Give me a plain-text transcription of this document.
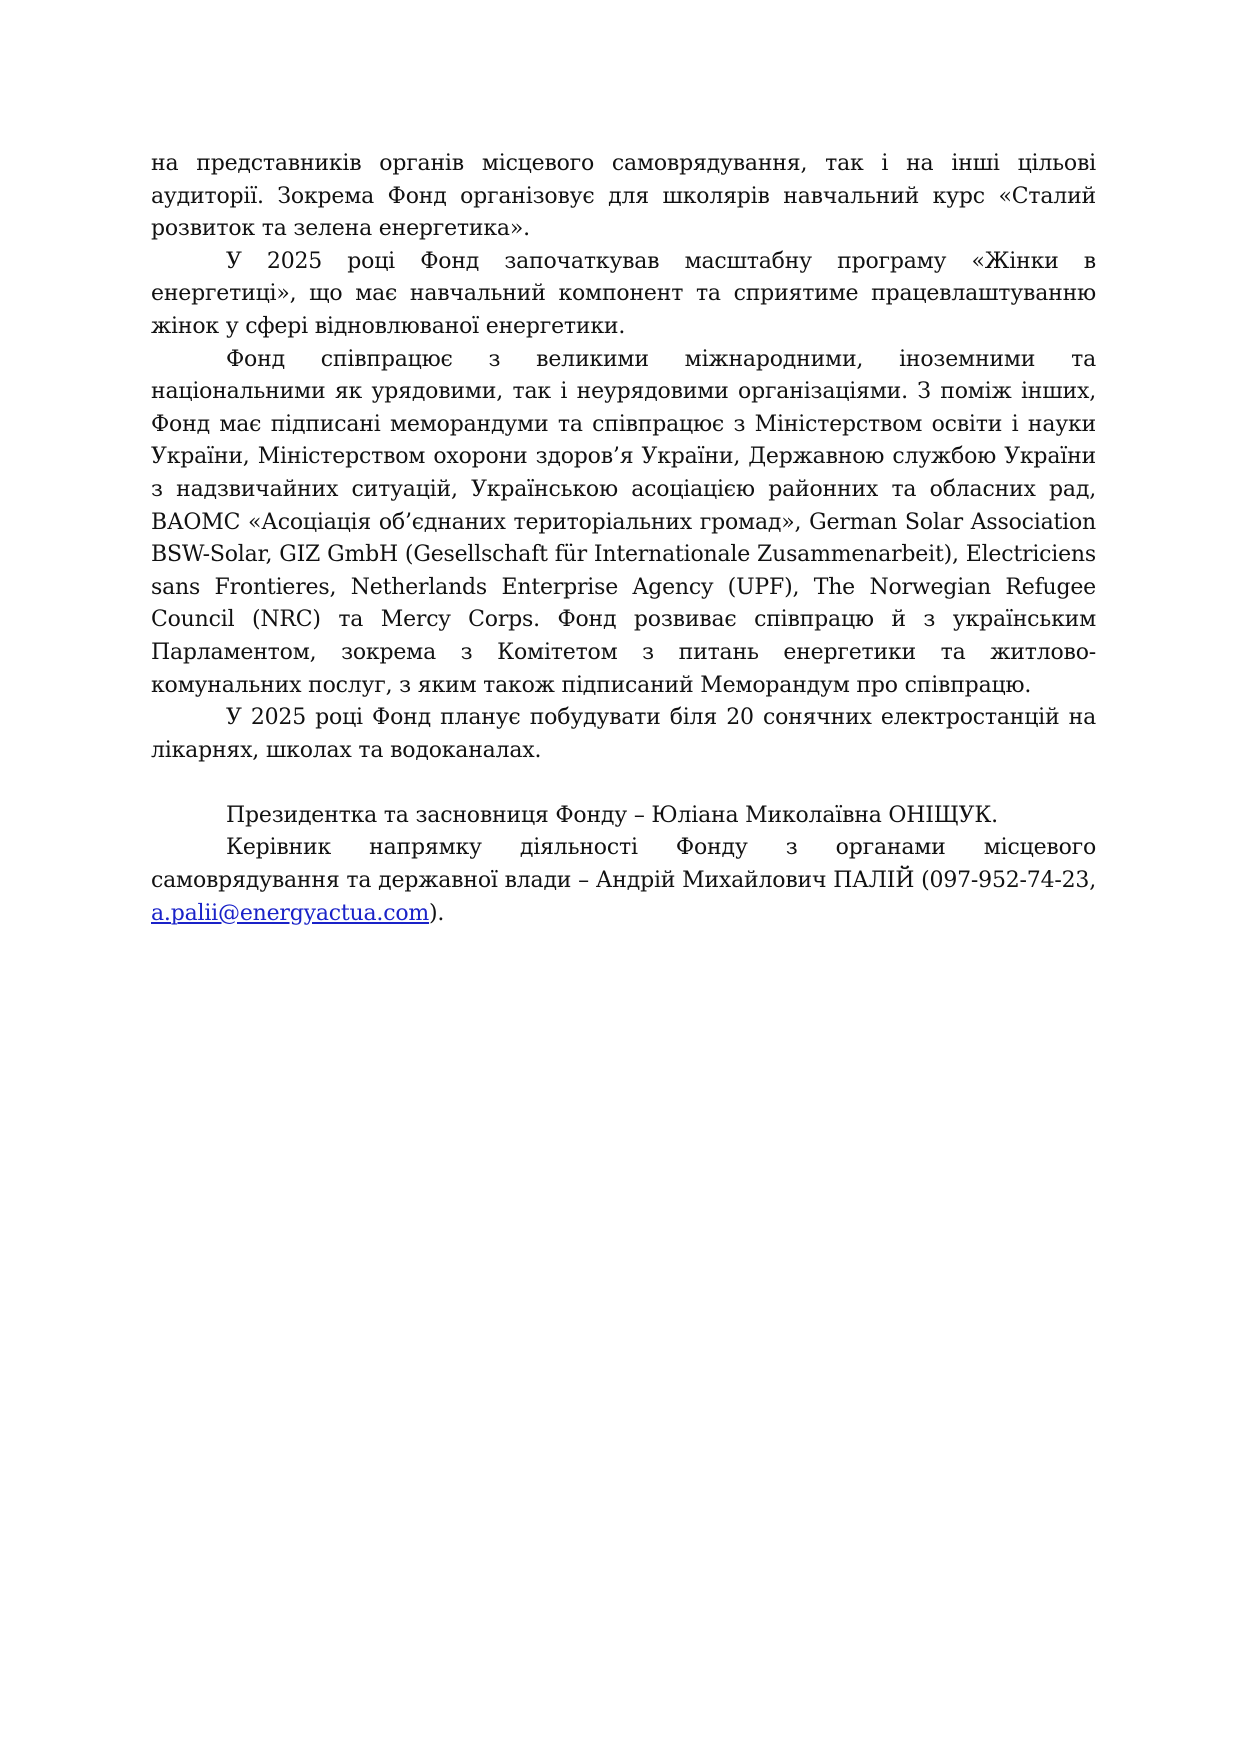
на представників органів місцевого самоврядування, так і на інші цільові аудиторії. Зокрема Фонд організовує для школярів навчальний курс «Сталий розвиток та зелена енергетика».

У 2025 році Фонд започаткував масштабну програму «Жінки в енергетиці», що має навчальний компонент та сприятиме працевлаштуванню жінок у сфері відновлюваної енергетики.

Фонд співпрацює з великими міжнародними, іноземними та національними як урядовими, так і неурядовими організаціями. З поміж інших, Фонд має підписані меморандуми та співпрацює з Міністерством освіти і науки України, Міністерством охорони здоров’я України, Державною службою України з надзвичайних ситуацій, Українською асоціацією районних та обласних рад, ВАОМС «Асоціація об’єднаних територіальних громад», German Solar Association BSW-Solar, GIZ GmbH (Gesellschaft für Internationale Zusammenarbeit), Electriciens sans Frontieres, Netherlands Enterprise Agency (UPF), The Norwegian Refugee Council (NRC) та Mercy Corps. Фонд розвиває співпрацю й з українським Парламентом, зокрема з Комітетом з питань енергетики та житлово-комунальних послуг, з яким також підписаний Меморандум про співпрацю.

У 2025 році Фонд планує побудувати біля 20 сонячних електростанцій на лікарнях, школах та водоканалах.

Президентка та засновниця Фонду – Юліана Миколаївна ОНІЩУК.

Керівник напрямку діяльності Фонду з органами місцевого самоврядування та державної влади – Андрій Михайлович ПАЛІЙ (097-952-74-23, a.palii@energyactua.com).
